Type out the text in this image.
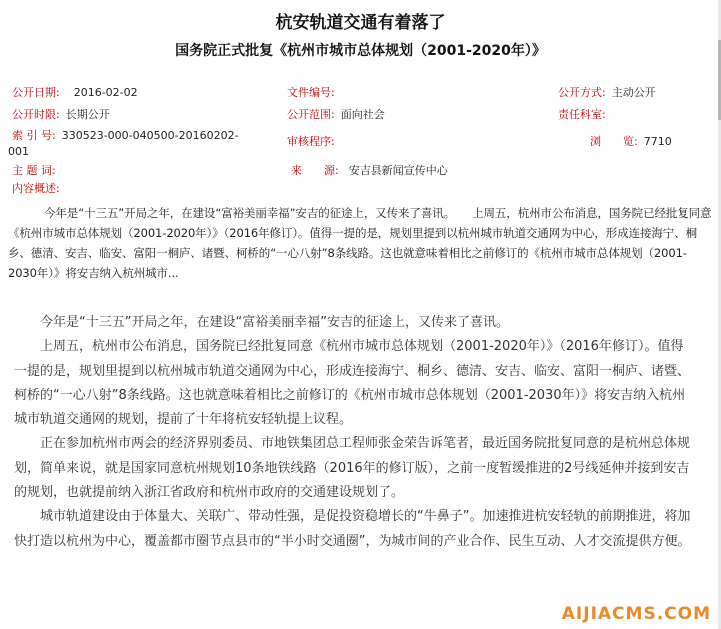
杭安轨道交通有着落了
国务院正式批复《杭州市城市总体规划（2001-2020年）》
公开日期: 2016-02-02	文件编号:	公开方式: 主动公开
公开时限: 长期公开	公开范围: 面向社会	责任科室:
索 引 号: 330523-000-040500-20160202-
001
审核程序:	浏　　览: 7710
主 题 词:	来　　源: 安吉县新闻宣传中心
内容概述:
今年是“十三五”开局之年，在建设“富裕美丽幸福”安吉的征途上，又传来了喜讯。　　上周五，杭州市公布消息，国务院已经批复同意《杭州市城市总体规划（2001-2020年）》（2016年修订）。值得一提的是，规划里提到以杭州城市轨道交通网为中心，形成连接海宁、桐乡、德清、安吉、临安、富阳一桐庐、诸暨、柯桥的“一心八射”8条线路。这也就意味着相比之前修订的《杭州市城市总体规划（2001-2030年）》将安吉纳入杭州城市...

今年是“十三五”开局之年，在建设“富裕美丽幸福”安吉的征途上，又传来了喜讯。

上周五，杭州市公布消息，国务院已经批复同意《杭州市城市总体规划（2001-2020年）》（2016年修订）。值得一提的是，规划里提到以杭州城市轨道交通网为中心，形成连接海宁、桐乡、德清、安吉、临安、富阳一桐庐、诸暨、柯桥的“一心八射”8条线路。这也就意味着相比之前修订的《杭州市城市总体规划（2001-2030年）》将安吉纳入杭州城市轨道交通网的规划，提前了十年将杭安轻轨提上议程。

正在参加杭州市两会的经济界别委员、市地铁集团总工程师张金荣告诉笔者，最近国务院批复同意的是杭州总体规划，简单来说，就是国家同意杭州规划10条地铁线路（2016年的修订版），之前一度暂缓推进的2号线延伸并接到安吉的规划，也就提前纳入浙江省政府和杭州市政府的交通建设规划了。

城市轨道建设由于体量大、关联广、带动性强，是促投资稳增长的“牛鼻子”。加速推进杭安轻轨的前期推进，将加快打造以杭州为中心，覆盖都市圈节点县市的“半小时交通圈”，为城市间的产业合作、民生互动、人才交流提供方便。

AIJIACMS.COM
